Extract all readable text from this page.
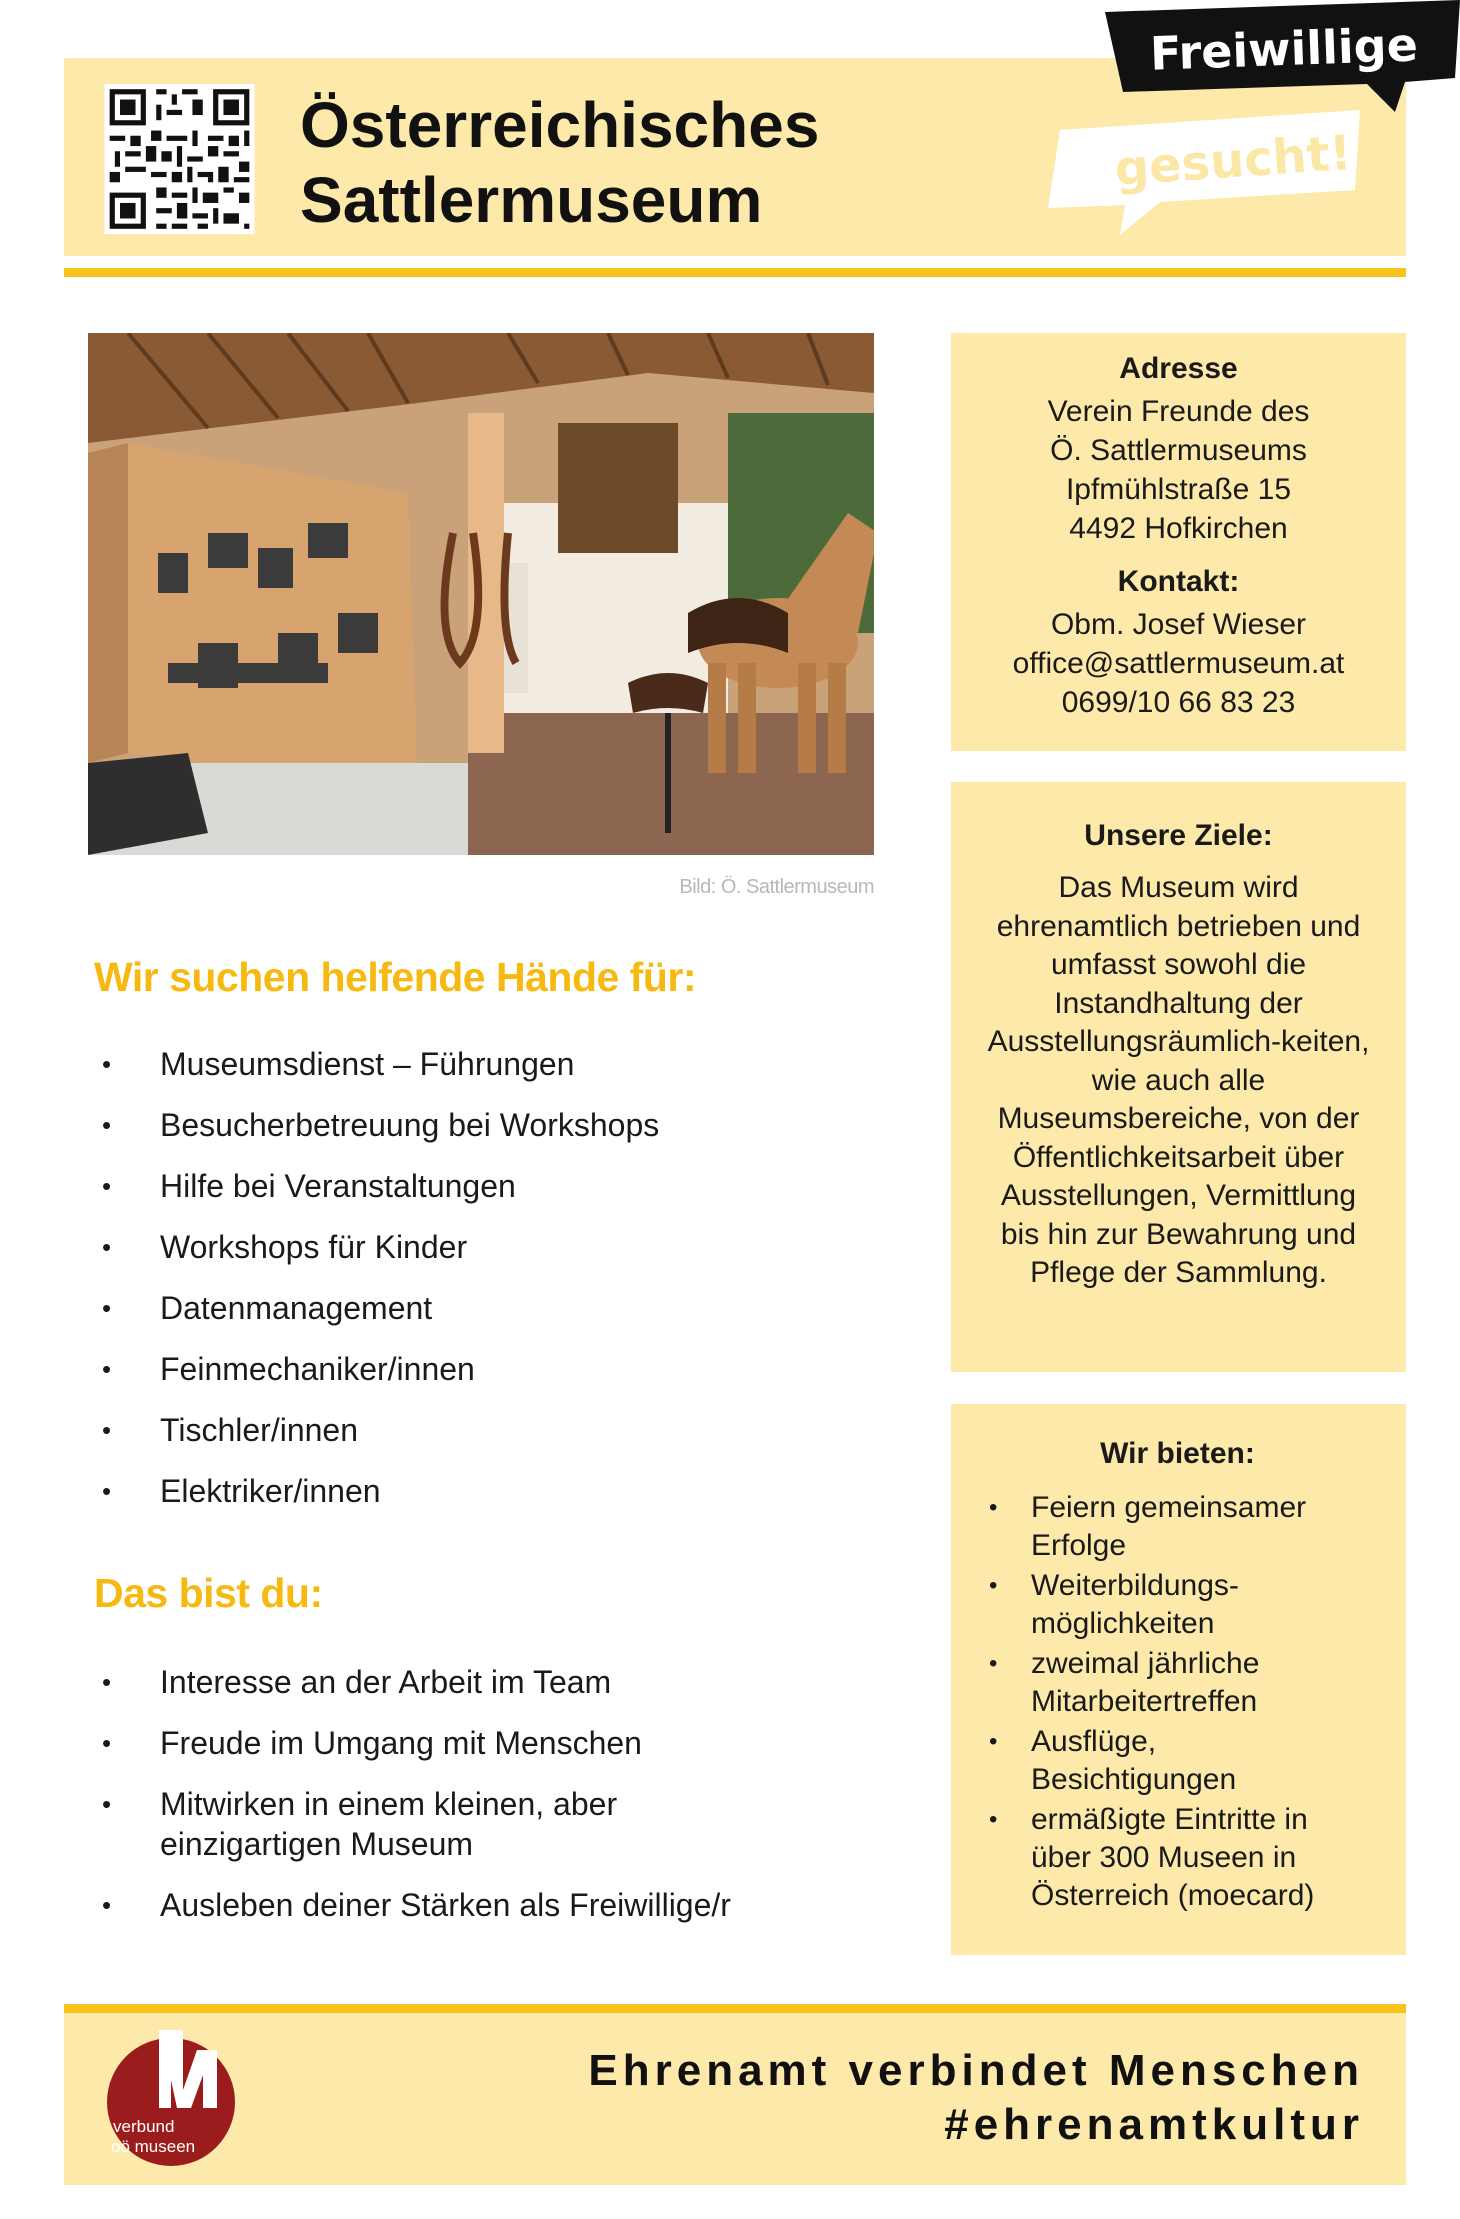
Österreichisches
Sattlermuseum
gesucht!
Freiwillige
Bild: Ö. Sattlermuseum
Wir suchen helfende Hände für:
• Museumsdienst – Führungen
• Besucherbetreuung bei Workshops
• Hilfe bei Veranstaltungen
• Workshops für Kinder
• Datenmanagement
• Feinmechaniker/innen
• Tischler/innen
• Elektriker/innen
Das bist du:
• Interesse an der Arbeit im Team
• Freude im Umgang mit Menschen
• Mitwirken in einem kleinen, aber einzigartigen Museum
• Ausleben deiner Stärken als Freiwillige/r

Adresse

Verein Freunde des

Ö. Sattlermuseums

Ipfmühlstraße 15

4492 Hofkirchen

Kontakt:

Obm. Josef Wieser

office@sattlermuseum.at

0699/10 66 83 23

Unsere Ziele:

Das Museum wird ehrenamtlich betrieben und umfasst sowohl die Instandhaltung der Ausstellungsräumlich-keiten, wie auch alle Museumsbereiche, von der Öffentlichkeitsarbeit über Ausstellungen, Vermittlung bis hin zur Bewahrung und Pflege der Sammlung.

Wir bieten:

• Feiern gemeinsamer Erfolge
• Weiterbildungs-möglichkeiten
• zweimal jährliche Mitarbeitertreffen
• Ausflüge, Besichtigungen
• ermäßigte Eintritte in über 300 Museen in Österreich (moecard)
verbund
oö museen
Ehrenamt verbindet Menschen
#ehrenamtkultur
